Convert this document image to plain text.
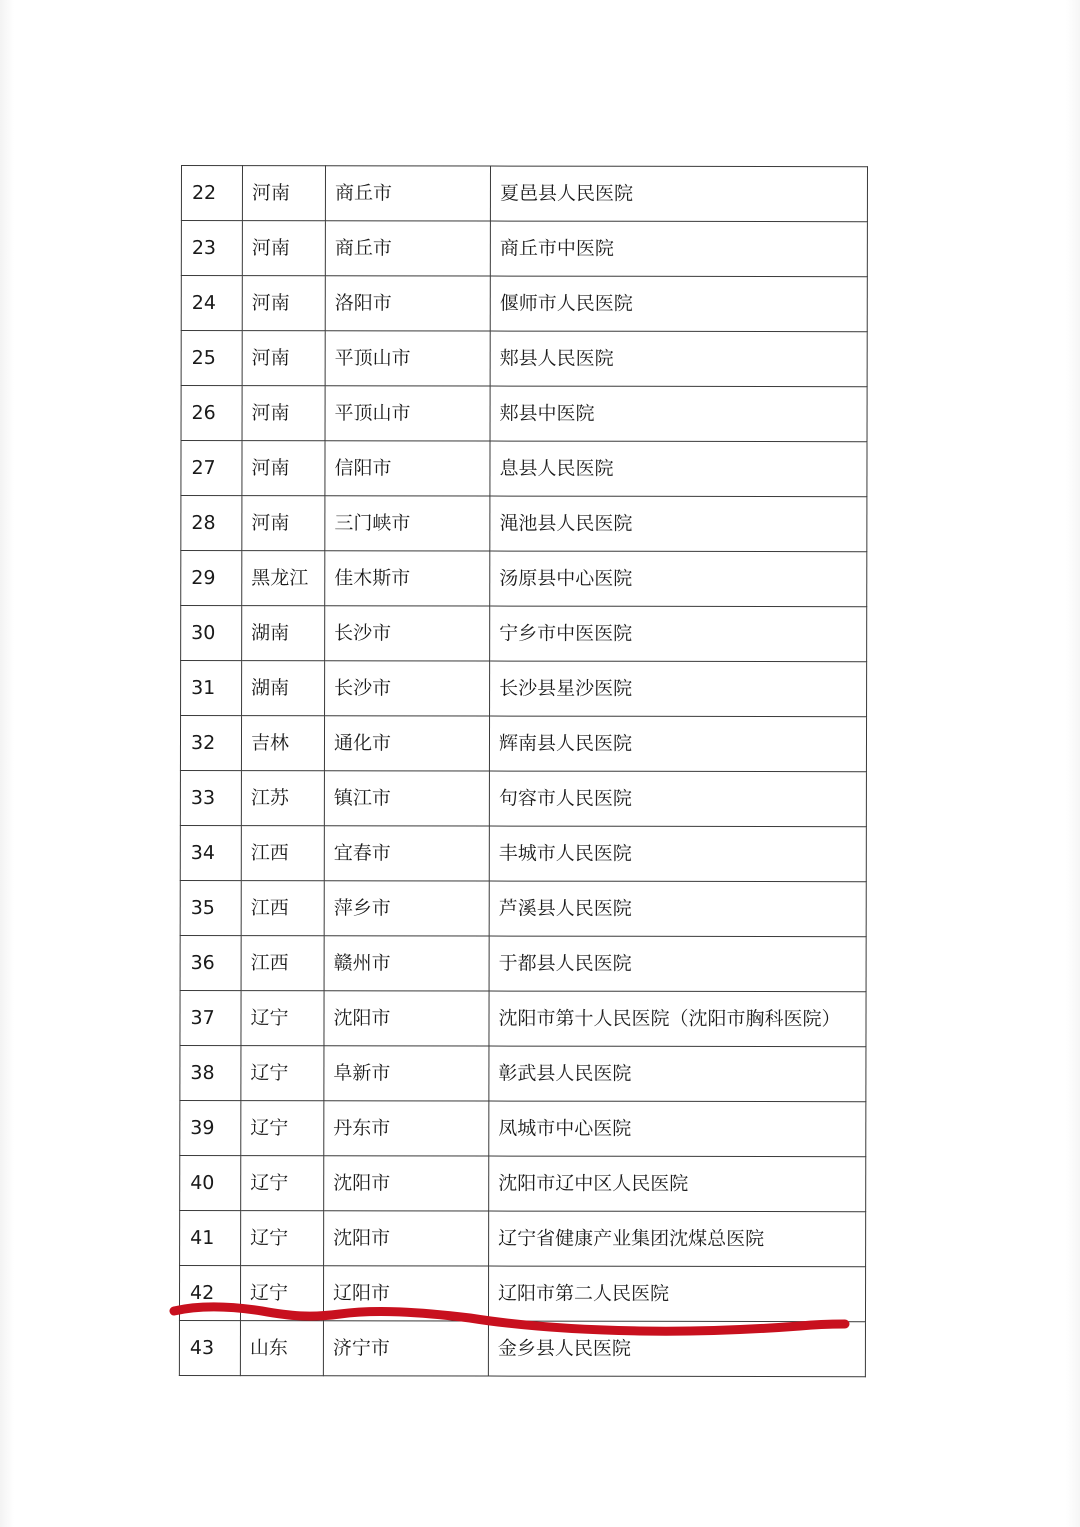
22	河南	商丘市	夏邑县人民医院
23	河南	商丘市	商丘市中医院
24	河南	洛阳市	偃师市人民医院
25	河南	平顶山市	郏县人民医院
26	河南	平顶山市	郏县中医院
27	河南	信阳市	息县人民医院
28	河南	三门峡市	渑池县人民医院
29	黑龙江	佳木斯市	汤原县中心医院
30	湖南	长沙市	宁乡市中医医院
31	湖南	长沙市	长沙县星沙医院
32	吉林	通化市	辉南县人民医院
33	江苏	镇江市	句容市人民医院
34	江西	宜春市	丰城市人民医院
35	江西	萍乡市	芦溪县人民医院
36	江西	赣州市	于都县人民医院
37	辽宁	沈阳市	沈阳市第十人民医院（沈阳市胸科医院）
38	辽宁	阜新市	彰武县人民医院
39	辽宁	丹东市	凤城市中心医院
40	辽宁	沈阳市	沈阳市辽中区人民医院
41	辽宁	沈阳市	辽宁省健康产业集团沈煤总医院
42	辽宁	辽阳市	辽阳市第二人民医院
43	山东	济宁市	金乡县人民医院
